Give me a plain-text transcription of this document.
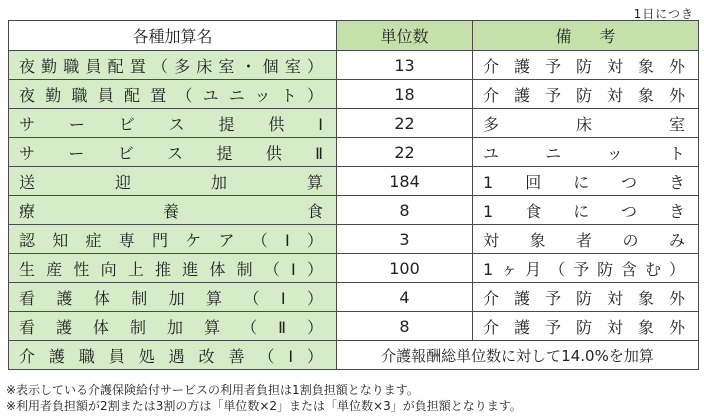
1日につき
各種加算名	単位数	備　考

夜勤職員配置（多床室・個室）	13	介護予防対象外

夜勤職員配置（ユニット）	18	介護予防対象外

サービス提供Ⅰ	22	多床室

サービス提供Ⅱ	22	ユニット

送迎加算	184	1回につき

療養食	8	1食につき

認知症専門ケア（Ⅰ）	3	対象者のみ

生産性向上推進体制（Ⅰ）	100	1ヶ月（予防含む）

看護体制加算（Ⅰ）	4	介護予防対象外

看護体制加算（Ⅱ）	8	介護予防対象外

介護職員処遇改善（Ⅰ）	介護報酬総単位数に対して14.0%を加算	
※表示している介護保険給付サービスの利用者負担は1割負担額となります。
※利用者負担額が2割または3割の方は「単位数×2」または「単位数×3」が負担額となります。
